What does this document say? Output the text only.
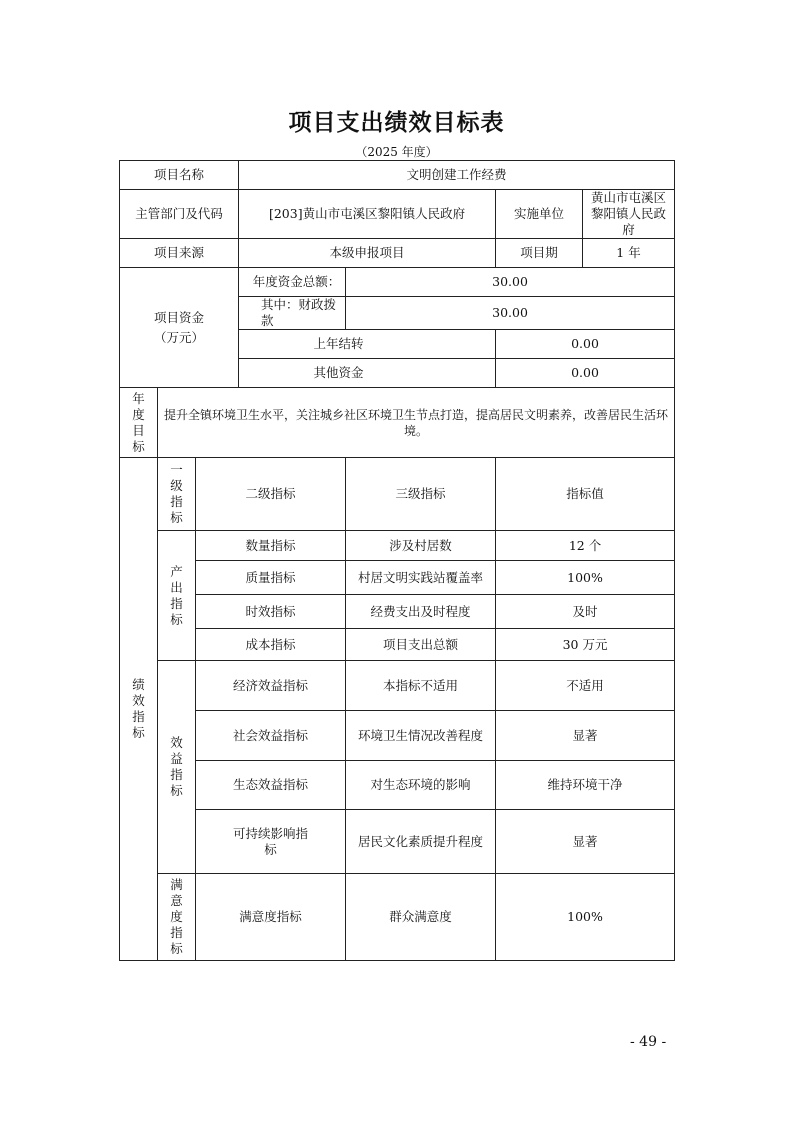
项目支出绩效目标表
（2025 年度）
项目名称			文明创建工作经费			
主管部门及代码			[203]黄山市屯溪区黎阳镇人民政府		实施单位	黄山市屯溪区黎阳镇人民政府
项目来源			本级申报项目		项目期	1 年

项目资金（万元）			年度资金总额：	30.00		
			其中：财政拨款	30.00		
			上年结转		0.00	
			其他资金		0.00	

年度目标	提升全镇环境卫生水平，关注城乡社区环境卫生节点打造，提高居民文明素养，改善居民生活环境。					

绩效指标	一级指标	二级指标		三级指标	指标值	

	产出指标	数量指标		涉及村居数	12 个	
		质量指标		村居文明实践站覆盖率	100%	
		时效指标		经费支出及时程度	及时	
		成本指标		项目支出总额	30 万元	

	效益指标	经济效益指标		本指标不适用	不适用	
		社会效益指标		环境卫生情况改善程度	显著	
		生态效益指标		对生态环境的影响	维持环境干净	

		可持续影响指标		居民文化素质提升程度	显著	

	满意度指标	满意度指标		群众满意度	100%	
- 49 -
